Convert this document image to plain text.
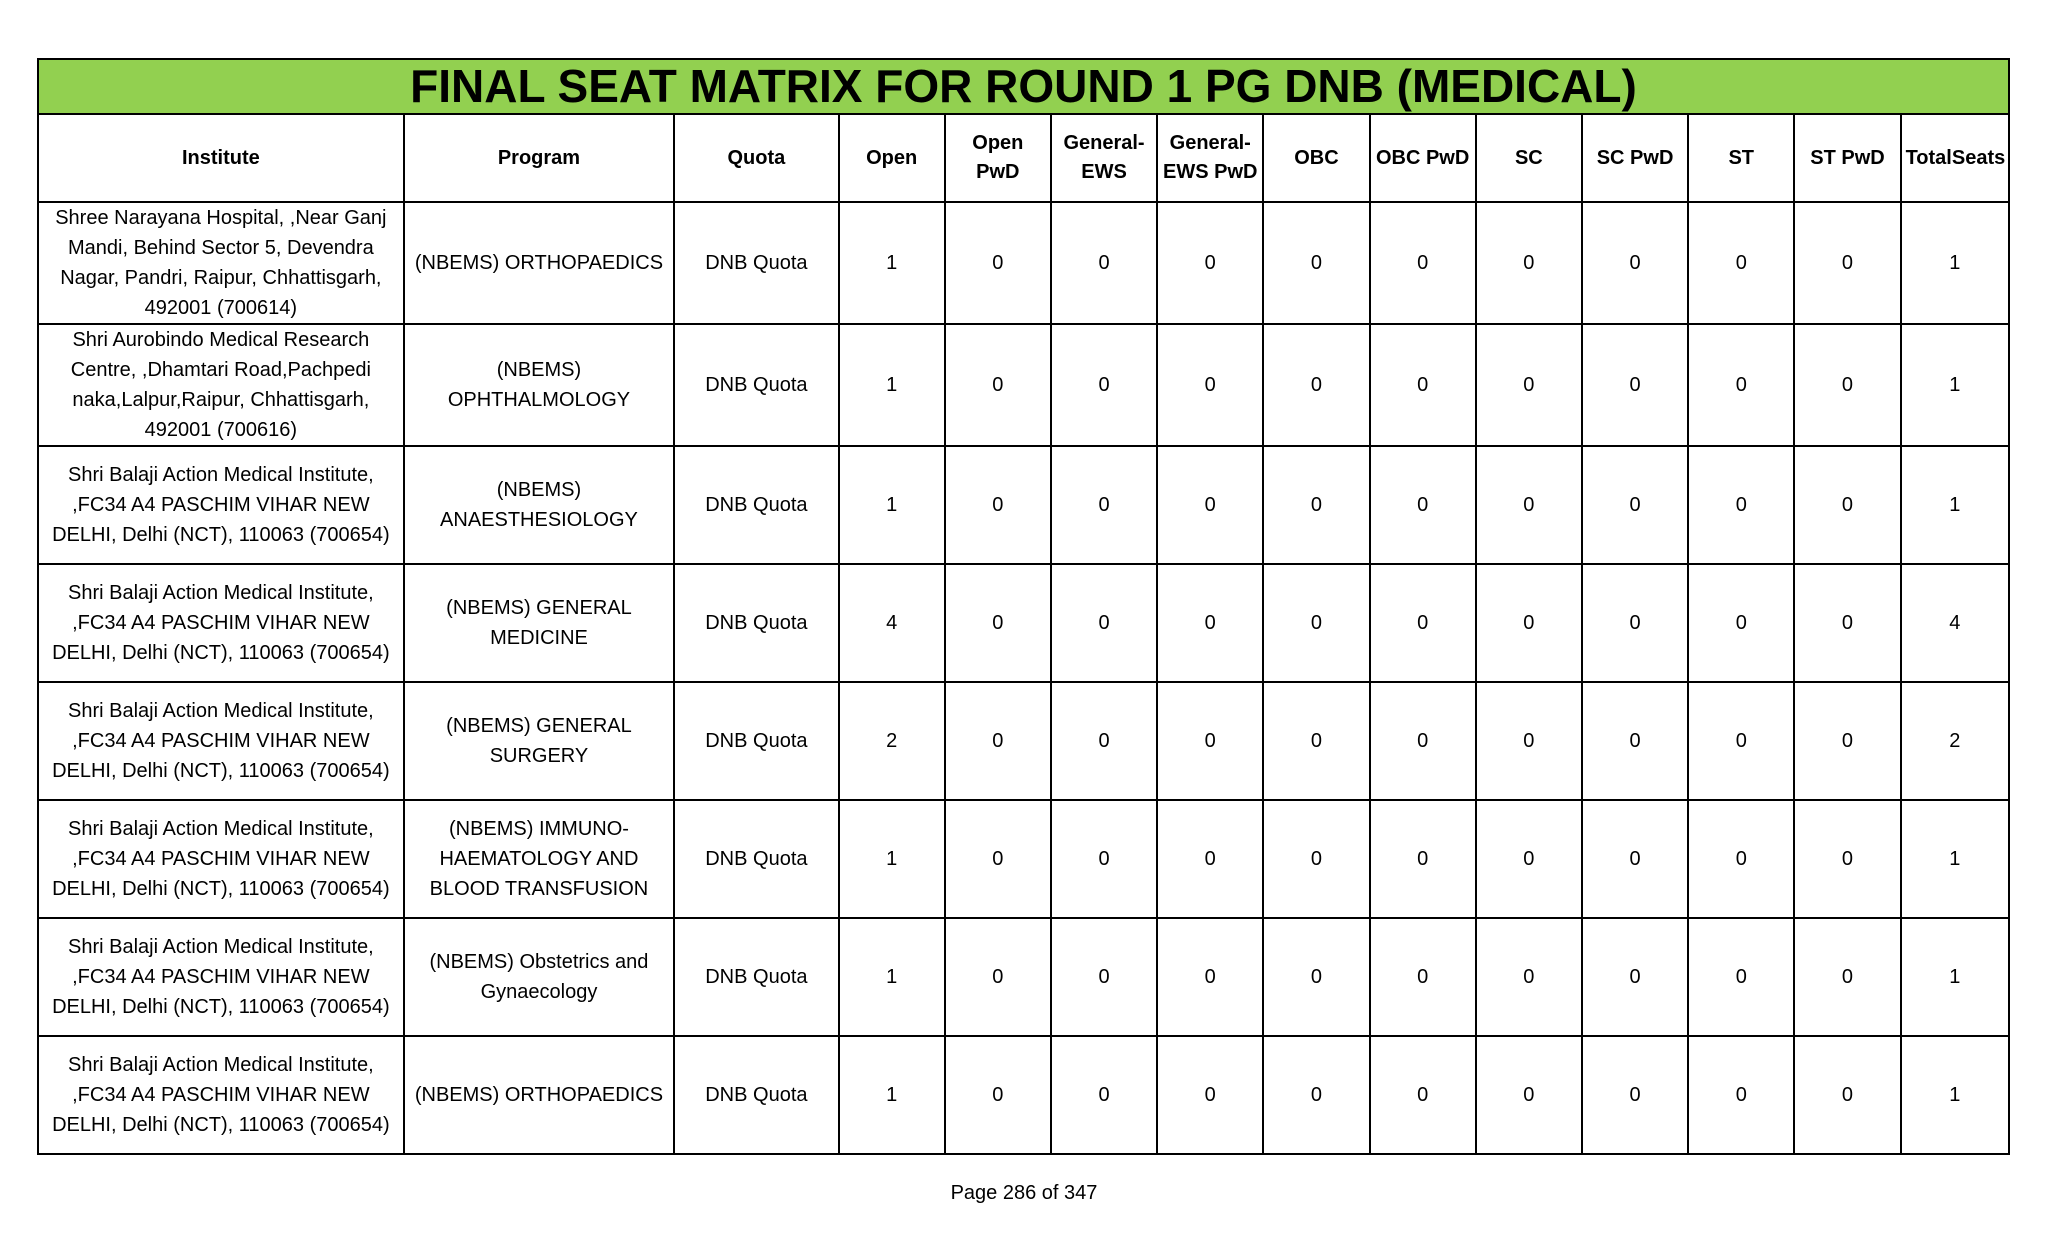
FINAL SEAT MATRIX FOR ROUND 1 PG DNB (MEDICAL)													
Institute	Program	Quota	Open	Open PwD	General-EWS	General-EWS PwD	OBC	OBC PwD	SC	SC PwD	ST	ST PwD	TotalSeats
Shree Narayana Hospital, ,Near Ganj Mandi, Behind Sector 5, Devendra Nagar, Pandri, Raipur, Chhattisgarh, 492001 (700614)	(NBEMS) ORTHOPAEDICS	DNB Quota	1	0	0	0	0	0	0	0	0	0	1
Shri Aurobindo Medical Research Centre, ,Dhamtari Road,Pachpedi naka,Lalpur,Raipur, Chhattisgarh, 492001 (700616)	(NBEMS) OPHTHALMOLOGY	DNB Quota	1	0	0	0	0	0	0	0	0	0	1
Shri Balaji Action Medical Institute, ,FC34 A4 PASCHIM VIHAR NEW DELHI, Delhi (NCT), 110063 (700654)	(NBEMS) ANAESTHESIOLOGY	DNB Quota	1	0	0	0	0	0	0	0	0	0	1
Shri Balaji Action Medical Institute, ,FC34 A4 PASCHIM VIHAR NEW DELHI, Delhi (NCT), 110063 (700654)	(NBEMS) GENERAL MEDICINE	DNB Quota	4	0	0	0	0	0	0	0	0	0	4
Shri Balaji Action Medical Institute, ,FC34 A4 PASCHIM VIHAR NEW DELHI, Delhi (NCT), 110063 (700654)	(NBEMS) GENERAL SURGERY	DNB Quota	2	0	0	0	0	0	0	0	0	0	2
Shri Balaji Action Medical Institute, ,FC34 A4 PASCHIM VIHAR NEW DELHI, Delhi (NCT), 110063 (700654)	(NBEMS) IMMUNO-HAEMATOLOGY AND BLOOD TRANSFUSION	DNB Quota	1	0	0	0	0	0	0	0	0	0	1
Shri Balaji Action Medical Institute, ,FC34 A4 PASCHIM VIHAR NEW DELHI, Delhi (NCT), 110063 (700654)	(NBEMS) Obstetrics and Gynaecology	DNB Quota	1	0	0	0	0	0	0	0	0	0	1
Shri Balaji Action Medical Institute, ,FC34 A4 PASCHIM VIHAR NEW DELHI, Delhi (NCT), 110063 (700654)	(NBEMS) ORTHOPAEDICS	DNB Quota	1	0	0	0	0	0	0	0	0	0	1
Page 286 of 347
